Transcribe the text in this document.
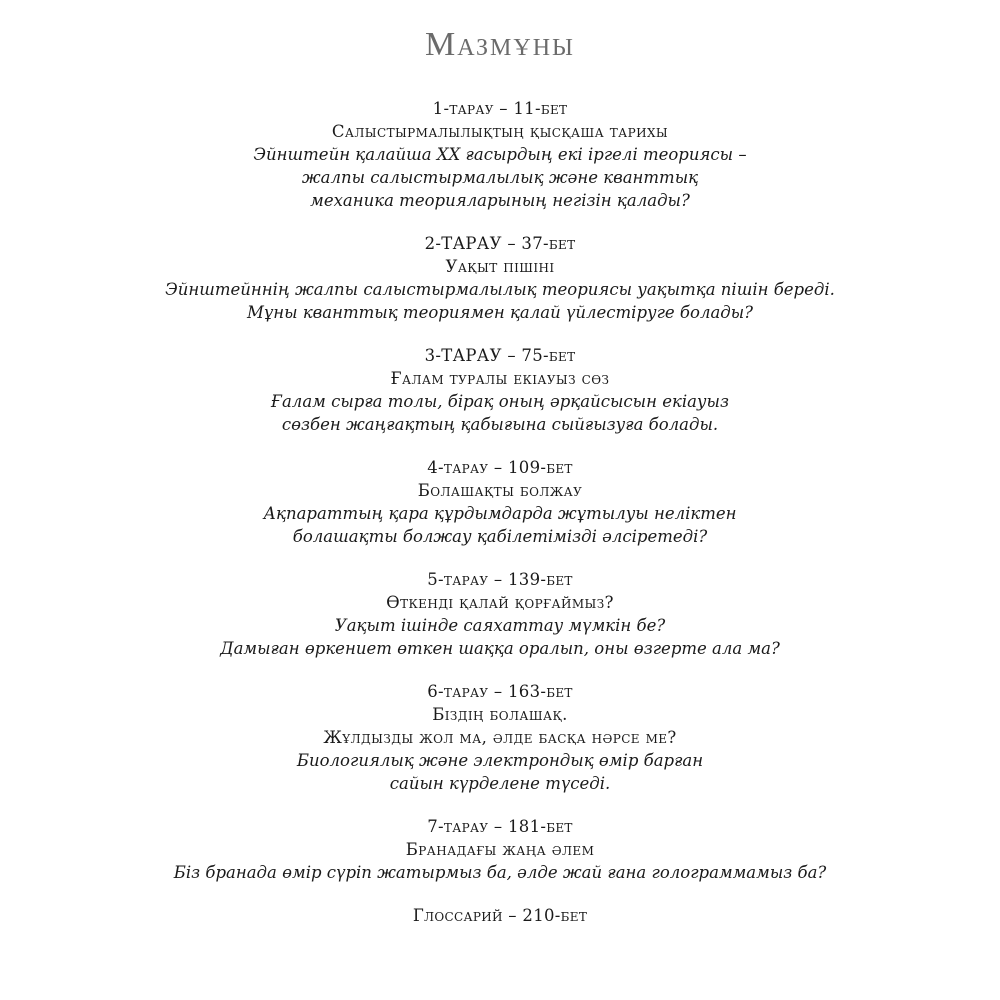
Мазмұны
1-тарау – 11-бет
Салыстырмалылықтың қысқаша тарихы
Эйнштейн қалайша XX ғасырдың екі іргелі теориясы –
жалпы салыстырмалылық және кванттық
механика теорияларының негізін қалады?
2-ТАРАУ – 37-бет
Уақыт пішіні
Эйнштейннің жалпы салыстырмалылық теориясы уақытқа пішін береді.
Мұны кванттық теориямен қалай үйлестіруге болады?
3-ТАРАУ – 75-бет
Ғалам туралы екіауыз сөз
Ғалам сырға толы, бірақ оның әрқайсысын екіауыз
сөзбен жаңғақтың қабығына сыйғызуға болады.
4-тарау – 109-бет
Болашақты болжау
Ақпараттың қара құрдымдарда жұтылуы неліктен
болашақты болжау қабілетімізді әлсіретеді?
5-тарау – 139-бет
Өткенді қалай қорғаймыз?
Уақыт ішінде саяхаттау мүмкін бе?
Дамыған өркениет өткен шаққа оралып, оны өзгерте ала ма?
6-тарау – 163-бет
Біздің болашақ.
Жұлдызды жол ма, әлде басқа нәрсе ме?
Биологиялық және электрондық өмір барған
сайын күрделене түседі.
7-тарау – 181-бет
Бранадағы жаңа әлем
Біз бранада өмір сүріп жатырмыз ба, әлде жай ғана голограммамыз ба?
Глоссарий – 210-бет
